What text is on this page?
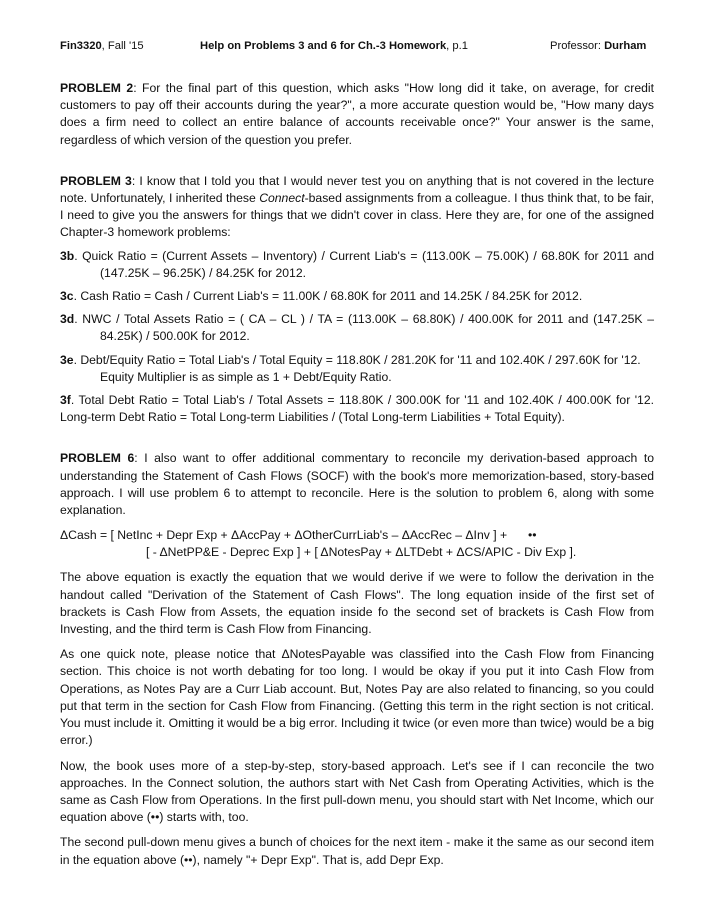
Fin3320, Fall '15	Help on Problems 3 and 6 for Ch.-3 Homework, p.1	Professor: Durham

PROBLEM 2: For the final part of this question, which asks "How long did it take, on average, for credit customers to pay off their accounts during the year?", a more accurate question would be, "How many days does a firm need to collect an entire balance of accounts receivable once?" Your answer is the same, regardless of which version of the question you prefer.

PROBLEM 3: I know that I told you that I would never test you on anything that is not covered in the lecture note. Unfortunately, I inherited these Connect-based assignments from a colleague. I thus think that, to be fair, I need to give you the answers for things that we didn't cover in class. Here they are, for one of the assigned Chapter-3 homework problems:

3b. Quick Ratio = (Current Assets – Inventory) / Current Liab's = (113.00K – 75.00K) / 68.80K for 2011 and (147.25K – 96.25K) / 84.25K for 2012.

3c. Cash Ratio = Cash / Current Liab's = 11.00K / 68.80K for 2011 and 14.25K / 84.25K for 2012.

3d. NWC / Total Assets Ratio = ( CA – CL ) / TA = (113.00K – 68.80K) / 400.00K for 2011 and (147.25K – 84.25K) / 500.00K for 2012.

3e. Debt/Equity Ratio = Total Liab's / Total Equity = 118.80K / 281.20K for '11 and 102.40K / 297.60K for '12.

Equity Multiplier is as simple as 1 + Debt/Equity Ratio.

3f. Total Debt Ratio = Total Liab's / Total Assets = 118.80K / 300.00K for '11 and 102.40K / 400.00K for '12. Long-term Debt Ratio = Total Long-term Liabilities / (Total Long-term Liabilities + Total Equity).

PROBLEM 6: I also want to offer additional commentary to reconcile my derivation-based approach to understanding the Statement of Cash Flows (SOCF) with the book's more memorization-based, story-based approach. I will use problem 6 to attempt to reconcile. Here is the solution to problem 6, along with some explanation.

ΔCash = [ NetInc + Depr Exp + ΔAccPay + ΔOtherCurrLiab's – ΔAccRec – ΔInv ] + ••
[ - ΔNetPP&E - Deprec Exp ] + [ ΔNotesPay + ΔLTDebt + ΔCS/APIC - Div Exp ].

The above equation is exactly the equation that we would derive if we were to follow the derivation in the handout called "Derivation of the Statement of Cash Flows". The long equation inside of the first set of brackets is Cash Flow from Assets, the equation inside fo the second set of brackets is Cash Flow from Investing, and the third term is Cash Flow from Financing.

As one quick note, please notice that ΔNotesPayable was classified into the Cash Flow from Financing section. This choice is not worth debating for too long. I would be okay if you put it into Cash Flow from Operations, as Notes Pay are a Curr Liab account. But, Notes Pay are also related to financing, so you could put that term in the section for Cash Flow from Financing. (Getting this term in the right section is not critical. You must include it. Omitting it would be a big error. Including it twice (or even more than twice) would be a big error.)

Now, the book uses more of a step-by-step, story-based approach. Let's see if I can reconcile the two approaches. In the Connect solution, the authors start with Net Cash from Operating Activities, which is the same as Cash Flow from Operations. In the first pull-down menu, you should start with Net Income, which our equation above (••) starts with, too.

The second pull-down menu gives a bunch of choices for the next item - make it the same as our second item in the equation above (••), namely "+ Depr Exp". That is, add Depr Exp.
